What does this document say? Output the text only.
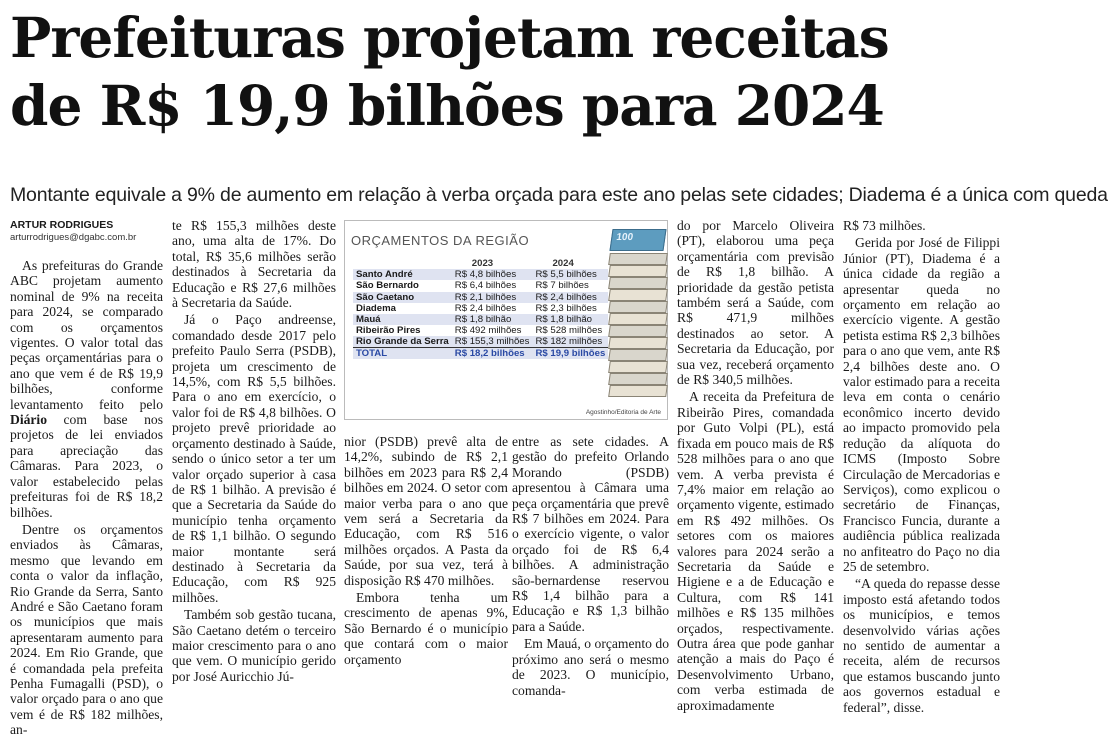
Prefeituras projetam receitas
de R$ 19,9 bilhões para 2024
Montante equivale a 9% de aumento em relação à verba orçada para este ano pelas sete cidades; Diadema é a única com queda
ARTUR RODRIGUES
arturrodrigues@dgabc.com.br

As prefeituras do Grande ABC projetam aumento nominal de 9% na receita para 2024, se comparado com os orçamentos vigentes. O valor total das peças orçamentárias para o ano que vem é de R$ 19,9 bilhões, conforme levantamento feito pelo Diário com base nos projetos de lei enviados para apreciação das Câmaras. Para 2023, o valor estabelecido pelas prefeituras foi de R$ 18,2 bilhões.

Dentre os orçamentos enviados às Câmaras, mesmo que levando em conta o valor da inflação, Rio Grande da Serra, Santo André e São Caetano foram os municípios que mais apresentaram aumento para 2024. Em Rio Grande, que é comandada pela prefeita Penha Fumagalli (PSD), o valor orçado para o ano que vem é de R$ 182 milhões, an-

te R$ 155,3 milhões deste ano, uma alta de 17%. Do total, R$ 35,6 milhões serão destinados à Secretaria da Educação e R$ 27,6 milhões à Secretaria da Saúde.

Já o Paço andreense, comandado desde 2017 pelo prefeito Paulo Serra (PSDB), projeta um crescimento de 14,5%, com R$ 5,5 bilhões. Para o ano em exercício, o valor foi de R$ 4,8 bilhões. O projeto prevê prioridade ao orçamento destinado à Saúde, sendo o único setor a ter um valor orçado superior à casa de R$ 1 bilhão. A previsão é que a Secretaria da Saúde do município tenha orçamento de R$ 1,1 bilhão. O segundo maior montante será destinado à Secretaria da Educação, com R$ 925 milhões.

Também sob gestão tucana, São Caetano detém o terceiro maior crescimento para o ano que vem. O município gerido por José Auricchio Jú-

ORÇAMENTOS DA REGIÃO
	2023	2024
Santo André	R$ 4,8 bilhões	R$ 5,5 bilhões
São Bernardo	R$ 6,4 bilhões	R$ 7 bilhões
São Caetano	R$ 2,1 bilhões	R$ 2,4 bilhões
Diadema	R$ 2,4 bilhões	R$ 2,3 bilhões
Mauá	R$ 1,8 bilhão	R$ 1,8 bilhão
Ribeirão Pires	R$ 492 milhões	R$ 528 milhões
Rio Grande da Serra	R$ 155,3 milhões	R$ 182 milhões
TOTAL	R$ 18,2 bilhões	R$ 19,9 bilhões
100
Agostinho/Editoria de Arte

nior (PSDB) prevê alta de 14,2%, subindo de R$ 2,1 bilhões em 2023 para R$ 2,4 bilhões em 2024. O setor com maior verba para o ano que vem será a Secretaria da Educação, com R$ 516 milhões orçados. A Pasta da Saúde, por sua vez, terá à disposição R$ 470 milhões.

Embora tenha um crescimento de apenas 9%, São Bernardo é o município que contará com o maior orçamento

entre as sete cidades. A gestão do prefeito Orlando Morando (PSDB) apresentou à Câmara uma peça orçamentária que prevê R$ 7 bilhões em 2024. Para o exercício vigente, o valor orçado foi de R$ 6,4 bilhões. A administração são-bernardense reservou R$ 1,4 bilhão para a Educação e R$ 1,3 bilhão para a Saúde.

Em Mauá, o orçamento do próximo ano será o mesmo de 2023. O município, comanda-

do por Marcelo Oliveira (PT), elaborou uma peça orçamentária com previsão de R$ 1,8 bilhão. A prioridade da gestão petista também será a Saúde, com R$ 471,9 milhões destinados ao setor. A Secretaria da Educação, por sua vez, receberá orçamento de R$ 340,5 milhões.

A receita da Prefeitura de Ribeirão Pires, comandada por Guto Volpi (PL), está fixada em pouco mais de R$ 528 milhões para o ano que vem. A verba prevista é 7,4% maior em relação ao orçamento vigente, estimado em R$ 492 milhões. Os setores com os maiores valores para 2024 serão a Secretaria da Saúde e Higiene e a de Educação e Cultura, com R$ 141 milhões e R$ 135 milhões orçados, respectivamente. Outra área que pode ganhar atenção a mais do Paço é Desenvolvimento Urbano, com verba estimada de aproximadamente

R$ 73 milhões.

Gerida por José de Filippi Júnior (PT), Diadema é a única cidade da região a apresentar queda no orçamento em relação ao exercício vigente. A gestão petista estima R$ 2,3 bilhões para o ano que vem, ante R$ 2,4 bilhões deste ano. O valor estimado para a receita leva em conta o cenário econômico incerto devido ao impacto promovido pela redução da alíquota do ICMS (Imposto Sobre Circulação de Mercadorias e Serviços), como explicou o secretário de Finanças, Francisco Funcia, durante a audiência pública realizada no anfiteatro do Paço no dia 25 de setembro.

“A queda do repasse desse imposto está afetando todos os municípios, e temos desenvolvido várias ações no sentido de aumentar a receita, além de recursos que estamos buscando junto aos governos estadual e federal”, disse.
